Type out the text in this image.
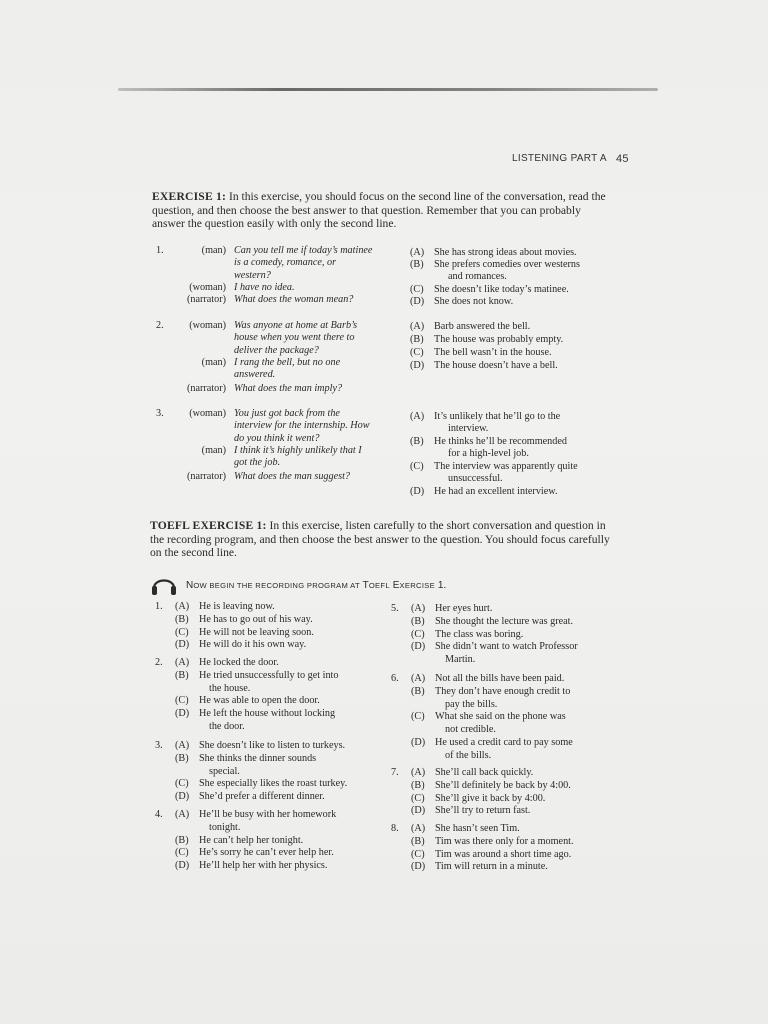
LISTENING PART A 45
EXERCISE 1: In this exercise, you should focus on the second line of the conversation, read the question, and then choose the best answer to that question. Remember that you can probably answer the question easily with only the second line.
1.	(man) Can you tell me if today’s matinee is a comedy, romance, or western?
(woman) I have no idea.
(narrator) What does the woman mean?
(A) She has strong ideas about movies.
(B) She prefers comedies over westerns
and romances.
(C) She doesn’t like today’s matinee.
(D) She does not know.
2.	(woman) Was anyone at home at Barb’s house when you went there to deliver the package?
(man) I rang the bell, but no one answered.
(narrator) What does the man imply?
(A) Barb answered the bell.
(B) The house was probably empty.
(C) The bell wasn’t in the house.
(D) The house doesn’t have a bell.
3.	(woman) You just got back from the interview for the internship. How do you think it went?
(man) I think it’s highly unlikely that I got the job.
(narrator) What does the man suggest?
(A) It’s unlikely that he’ll go to the
interview.
(B) He thinks he’ll be recommended
for a high-level job.
(C) The interview was apparently quite
unsuccessful.
(D) He had an excellent interview.
TOEFL EXERCISE 1: In this exercise, listen carefully to the short conversation and question in the recording program, and then choose the best answer to the question. You should focus carefully on the second line.
NOW BEGIN THE RECORDING PROGRAM AT TOEFL EXERCISE 1.
1. (A) He is leaving now.
(B)	He has to go out of his way.
(C)	He will not be leaving soon.
(D) He will do it his own way.
2. (A) He locked the door.
(B)	He tried unsuccessfully to get into
the house.
(C)	He was able to open the door.
(D) He left the house without locking
the door.
3. (A) She doesn’t like to listen to turkeys.
(B)	She thinks the dinner sounds
special.
(C)	She especially likes the roast turkey.
(D) She’d prefer a different dinner.
4. (A) He’ll be busy with her homework
tonight.
(B)	He can’t help her tonight.
(C)	He’s sorry he can’t ever help her.
(D) He’ll help her with her physics.
5. (A) Her eyes hurt.
(B)	She thought the lecture was great.
(C)	The class was boring.
(D) She didn’t want to watch Professor
Martin.
6. (A) Not all the bills have been paid.
(B)	They don’t have enough credit to
pay the bills.
(C)	What she said on the phone was
not credible.
(D) He used a credit card to pay some
of the bills.
7. (A) She’ll call back quickly.
(B)	She’ll definitely be back by 4:00.
(C)	She’ll give it back by 4:00.
(D) She’ll try to return fast.
8. (A) She hasn’t seen Tim.
(B)	Tim was there only for a moment.
(C)	Tim was around a short time ago.
(D) Tim will return in a minute.
